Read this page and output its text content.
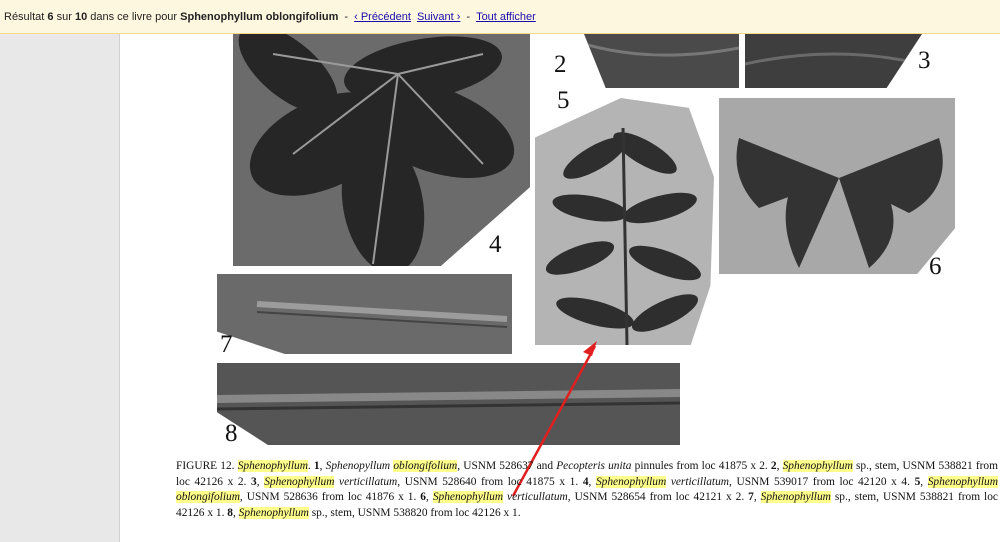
Résultat
6
sur
10
dans ce livre pour
Sphenophyllum oblongifolium - ‹ Précédent Suivant › - Tout afficher
4
2	3
5
6
7
8
FIGURE 12. Sphenophyllum. 1, Sphenopyllum oblongifolium, USNM 528637 and Pecopteris unita pinnules from loc 41875 x 2. 2, Sphenophyllum sp., stem, USNM 538821 from loc 42126 x 2. 3, Sphenophyllum verticillatum, USNM 528640 from loc 41875 x 1. 4, Sphenophyllum verticillatum, USNM 539017 from loc 42120 x 4. 5, Sphenophyllum oblongifolium, USNM 528636 from loc 41876 x 1. 6, Sphenophyllum verticullatum, USNM 528654 from loc 42121 x 2. 7, Sphenophyllum sp., stem, USNM 538821 from loc 42126 x 1. 8, Sphenophyllum sp., stem, USNM 538820 from loc 42126 x 1.
